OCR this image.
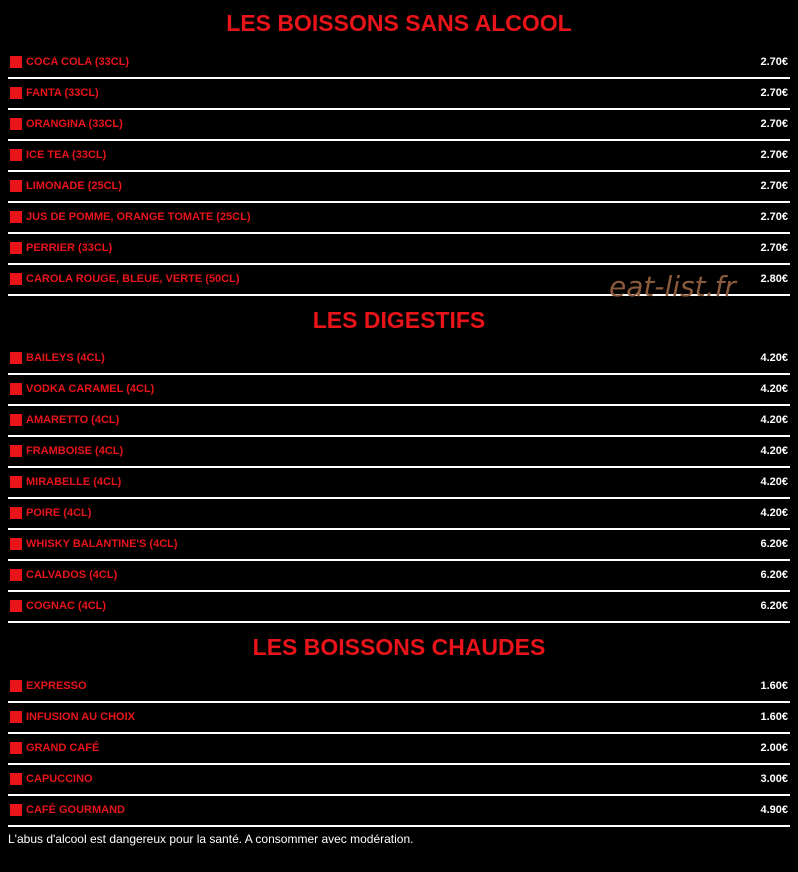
LES BOISSONS SANS ALCOOL
COCA COLA (33CL)	2.70€
FANTA (33CL)	2.70€
ORANGINA (33CL)	2.70€
ICE TEA (33CL)	2.70€
LIMONADE (25CL)	2.70€
JUS DE POMME, ORANGE TOMATE (25CL)	2.70€
PERRIER (33CL)	2.70€
CAROLA ROUGE, BLEUE, VERTE (50CL)	2.80€
LES DIGESTIFS
BAILEYS (4CL)	4.20€
VODKA CARAMEL (4CL)	4.20€
AMARETTO (4CL)	4.20€
FRAMBOISE (4CL)	4.20€
MIRABELLE (4CL)	4.20€
POIRE (4CL)	4.20€
WHISKY BALANTINE'S (4CL)	6.20€
CALVADOS (4CL)	6.20€
COGNAC (4CL)	6.20€
LES BOISSONS CHAUDES
EXPRESSO	1.60€
INFUSION AU CHOIX	1.60€
GRAND CAFÉ	2.00€
CAPUCCINO	3.00€
CAFÉ GOURMAND	4.90€
eat-list.fr
L'abus d'alcool est dangereux pour la santé. A consommer avec modération.
